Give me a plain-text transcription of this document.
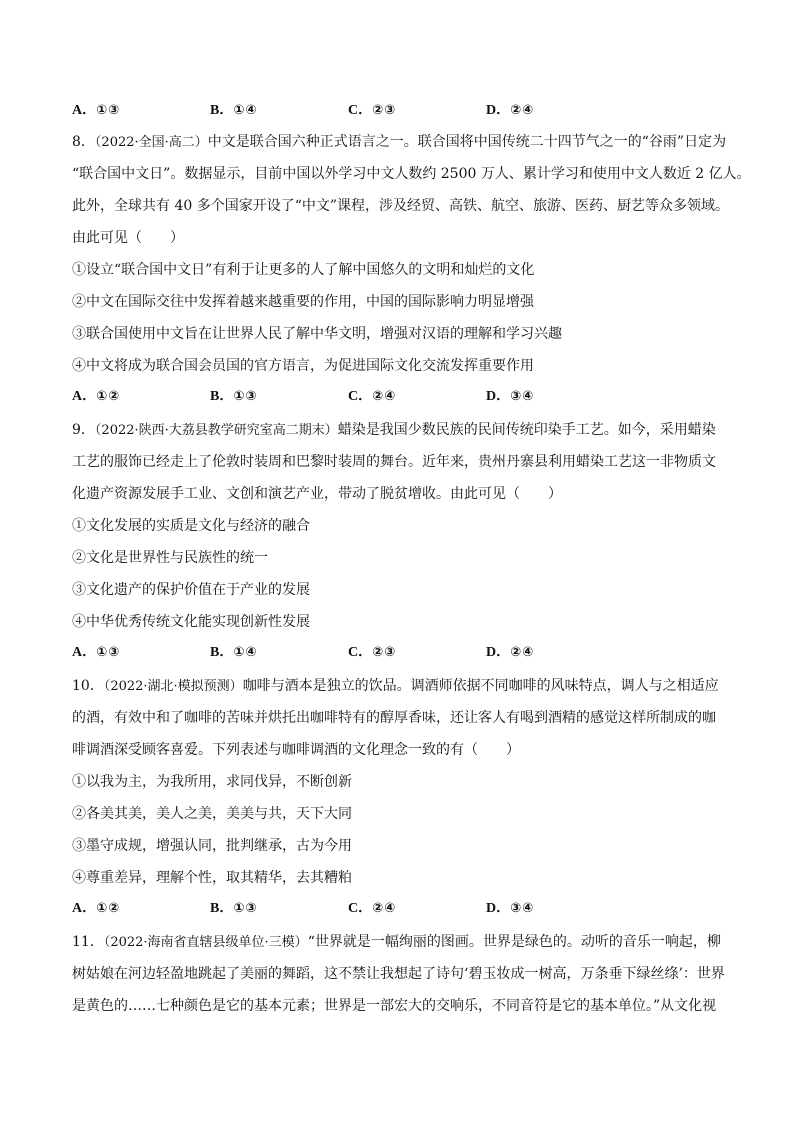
A．①③	B．①④	C．②③	D．②④
8．（2022·全国·高二）中文是联合国六种正式语言之一。联合国将中国传统二十四节气之一的“谷雨”日定为
“联合国中文日”。数据显示，目前中国以外学习中文人数约 2500 万人、累计学习和使用中文人数近 2 亿人。
此外，全球共有 40 多个国家开设了“中文”课程，涉及经贸、高铁、航空、旅游、医药、厨艺等众多领域。
由此可见（　　）
①设立“联合国中文日”有利于让更多的人了解中国悠久的文明和灿烂的文化
②中文在国际交往中发挥着越来越重要的作用，中国的国际影响力明显增强
③联合国使用中文旨在让世界人民了解中华文明，增强对汉语的理解和学习兴趣
④中文将成为联合国会员国的官方语言，为促进国际文化交流发挥重要作用
A．①②	B．①③	C．②④	D．③④
9．（2022·陕西·大荔县教学研究室高二期末）蜡染是我国少数民族的民间传统印染手工艺。如今，采用蜡染
工艺的服饰已经走上了伦敦时装周和巴黎时装周的舞台。近年来，贵州丹寨县利用蜡染工艺这一非物质文
化遗产资源发展手工业、文创和演艺产业，带动了脱贫增收。由此可见（　　）
①文化发展的实质是文化与经济的融合
②文化是世界性与民族性的统一
③文化遗产的保护价值在于产业的发展
④中华优秀传统文化能实现创新性发展
A．①③	B．①④	C．②③	D．②④
10．（2022·湖北·模拟预测）咖啡与酒本是独立的饮品。调酒师依据不同咖啡的风味特点，调人与之相适应
的酒，有效中和了咖啡的苦味并烘托出咖啡特有的醇厚香味，还让客人有喝到酒精的感觉这样所制成的咖
啡调酒深受顾客喜爱。下列表述与咖啡调酒的文化理念一致的有（　　）
①以我为主，为我所用，求同伐异，不断创新
②各美其美，美人之美，美美与共，天下大同
③墨守成规，增强认同，批判继承，古为今用
④尊重差异，理解个性，取其精华，去其糟粕
A．①②	B．①③	C．②④	D．③④
11．（2022·海南省直辖县级单位·三模）“世界就是一幅绚丽的图画。世界是绿色的。动听的音乐一响起，柳
树姑娘在河边轻盈地跳起了美丽的舞蹈，这不禁让我想起了诗句‘碧玉妆成一树高，万条垂下绿丝绦’：世界
是黄色的……七种颜色是它的基本元素；世界是一部宏大的交响乐，不同音符是它的基本单位。”从文化视
